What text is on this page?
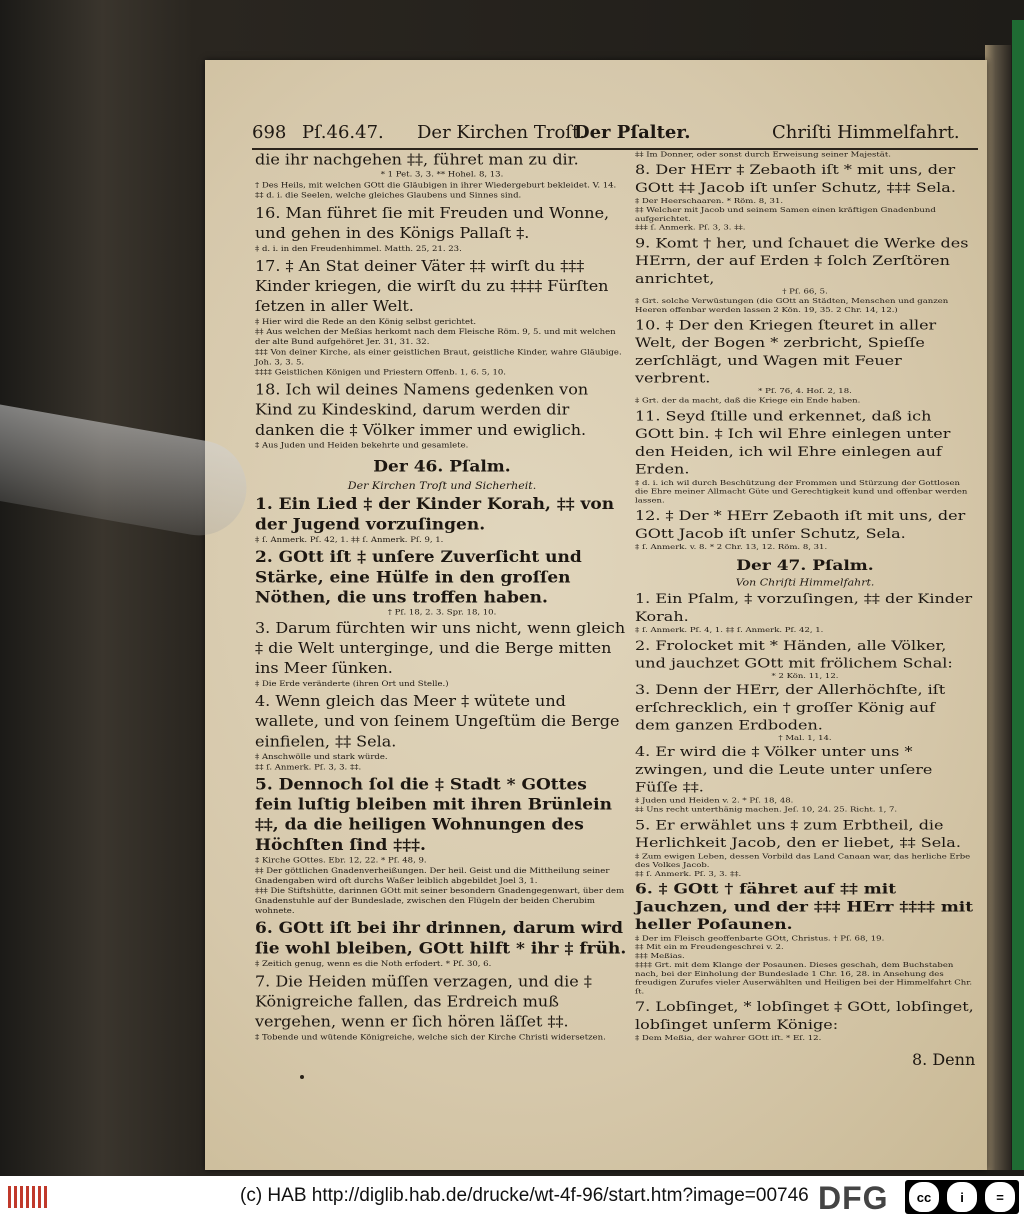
698 Pſ.46.47. Der Kirchen Troſt.
Der Pſalter.	Chriſti Himmelfahrt.
die ihr nachgehen ‡‡, führet man zu dir.
* 1 Pet. 3, 3. ** Hohel. 8, 13.
† Des Heils, mit welchen GOtt die Gläubigen in ihrer Wiedergeburt bekleidet. V. 14.
‡‡ d. i. die Seelen, welche gleiches Glaubens und Sinnes sind.
16. Man führet ſie mit Freuden und Wonne, und gehen in des Königs Pallaſt ‡.
‡ d. i. in den Freudenhimmel. Matth. 25, 21. 23.
17. ‡ An Stat deiner Väter ‡‡ wirſt du ‡‡‡ Kinder kriegen, die wirſt du zu ‡‡‡‡ Fürſten ſetzen in aller Welt.
‡ Hier wird die Rede an den König selbst gerichtet.
‡‡ Aus welchen der Meßias herkomt nach dem Fleische Röm. 9, 5. und mit welchen der alte Bund aufgehöret Jer. 31, 31. 32.
‡‡‡ Von deiner Kirche, als einer geistlichen Braut, geistliche Kinder, wahre Gläubige. Joh. 3, 3. 5.
‡‡‡‡ Geistlichen Königen und Priestern Offenb. 1, 6. 5, 10.
18. Ich wil deines Namens gedenken von Kind zu Kindeskind, darum werden dir danken die ‡ Völker immer und ewiglich.
‡ Aus Juden und Heiden bekehrte und gesamlete.
Der 46. Pſalm.
Der Kirchen Troſt und Sicherheit.
1. Ein Lied ‡ der Kinder Korah, ‡‡ von der Jugend vorzuſingen.
‡ ſ. Anmerk. Pſ. 42, 1. ‡‡ ſ. Anmerk. Pſ. 9, 1.
2. GOtt iſt ‡ unſere Zuverſicht und Stärke, eine Hülfe in den groſſen Nöthen, die uns troffen haben.
† Pſ. 18, 2. 3. Spr. 18, 10.
3. Darum fürchten wir uns nicht, wenn gleich ‡ die Welt unterginge, und die Berge mitten ins Meer ſünken.
‡ Die Erde veränderte (ihren Ort und Stelle.)
4. Wenn gleich das Meer ‡ wütete und wallete, und von ſeinem Ungeſtüm die Berge einfielen, ‡‡ Sela.
‡ Anschwölle und stark würde.
‡‡ ſ. Anmerk. Pſ. 3, 3. ‡‡.
5. Dennoch ſol die ‡ Stadt * GOttes fein luſtig bleiben mit ihren Brünlein ‡‡, da die heiligen Wohnungen des Höchſten ſind ‡‡‡.
‡ Kirche GOttes. Ebr. 12, 22. * Pſ. 48, 9.
‡‡ Der göttlichen Gnadenverheißungen. Der heil. Geist und die Mittheilung seiner Gnadengaben wird oft durchs Waßer leiblich abgebildet Joel 3, 1.
‡‡‡ Die Stiftshütte, darinnen GOtt mit seiner besondern Gnadengegenwart, über dem Gnadenstuhle auf der Bundeslade, zwischen den Flügeln der beiden Cherubim wohnete.
6. GOtt iſt bei ihr drinnen, darum wird ſie wohl bleiben, GOtt hilft * ihr ‡ früh.
‡ Zeitich genug, wenn es die Noth erfodert. * Pſ. 30, 6.
7. Die Heiden müſſen verzagen, und die ‡ Königreiche fallen, das Erdreich muß vergehen, wenn er ſich hören läſſet ‡‡.
‡ Tobende und wütende Königreiche, welche sich der Kirche Christi widersetzen.
‡‡ Im Donner, oder sonst durch Erweisung seiner Majestät.
8. Der HErr ‡ Zebaoth iſt * mit uns, der GOtt ‡‡ Jacob iſt unſer Schutz, ‡‡‡ Sela.
‡ Der Heerschaaren. * Röm. 8, 31.
‡‡ Welcher mit Jacob und seinem Samen einen kräftigen Gnadenbund aufgerichtet.
‡‡‡ ſ. Anmerk. Pſ. 3, 3. ‡‡.
9. Komt † her, und ſchauet die Werke des HErrn, der auf Erden ‡ ſolch Zerſtören anrichtet,
† Pſ. 66, 5.
‡ Grt. solche Verwüstungen (die GOtt an Städten, Menschen und ganzen Heeren offenbar werden lassen 2 Kön. 19, 35. 2 Chr. 14, 12.)
10. ‡ Der den Kriegen ſteuret in aller Welt, der Bogen * zerbricht, Spieſſe zerſchlägt, und Wagen mit Feuer verbrent.
* Pſ. 76, 4. Hoſ. 2, 18.
‡ Grt. der da macht, daß die Kriege ein Ende haben.
11. Seyd ſtille und erkennet, daß ich GOtt bin. ‡ Ich wil Ehre einlegen unter den Heiden, ich wil Ehre einlegen auf Erden.
‡ d. i. ich wil durch Beschützung der Frommen und Stürzung der Gottlosen die Ehre meiner Allmacht Güte und Gerechtigkeit kund und offenbar werden lassen.
12. ‡ Der * HErr Zebaoth iſt mit uns, der GOtt Jacob iſt unſer Schutz, Sela.
‡ ſ. Anmerk. v. 8. * 2 Chr. 13, 12. Röm. 8, 31.
Der 47. Pſalm.
Von Chriſti Himmelfahrt.
1. Ein Pſalm, ‡ vorzuſingen, ‡‡ der Kinder Korah.
‡ ſ. Anmerk. Pſ. 4, 1. ‡‡ ſ. Anmerk. Pſ. 42, 1.
2. Frolocket mit * Händen, alle Völker, und jauchzet GOtt mit frölichem Schal:
* 2 Kön. 11, 12.
3. Denn der HErr, der Allerhöchſte, iſt erſchrecklich, ein † groſſer König auf dem ganzen Erdboden.
† Mal. 1, 14.
4. Er wird die ‡ Völker unter uns * zwingen, und die Leute unter unſere Füſſe ‡‡.
‡ Juden und Heiden v. 2. * Pſ. 18, 48.
‡‡ Uns recht unterthänig machen. Jeſ. 10, 24. 25. Richt. 1, 7.
5. Er erwählet uns ‡ zum Erbtheil, die Herlichkeit Jacob, den er liebet, ‡‡ Sela.
‡ Zum ewigen Leben, dessen Vorbild das Land Canaan war, das herliche Erbe des Volkes Jacob.
‡‡ ſ. Anmerk. Pſ. 3, 3. ‡‡.
6. ‡ GOtt † fähret auf ‡‡ mit Jauchzen, und der ‡‡‡ HErr ‡‡‡‡ mit heller Poſaunen.
‡ Der im Fleisch geoffenbarte GOtt, Christus. † Pſ. 68, 19.
‡‡ Mit ein m Freudengeschrei v. 2.
‡‡‡ Meßias.
‡‡‡‡ Grt. mit dem Klange der Posaunen. Dieses geschah, dem Buchstaben nach, bei der Einholung der Bundeslade 1 Chr. 16, 28. in Ansehung des freudigen Zurufes vieler Auserwählten und Heiligen bei der Himmelfahrt Chr. ſt.
7. Lobſinget, * lobſinget ‡ GOtt, lobſinget, lobſinget unſerm Könige:
‡ Dem Meßia, der wahrer GOtt iſt. * Eſ. 12.
8. Denn
(c) HAB http://diglib.hab.de/drucke/wt-4f-96/start.htm?image=00746 DFG	cc	i	=
